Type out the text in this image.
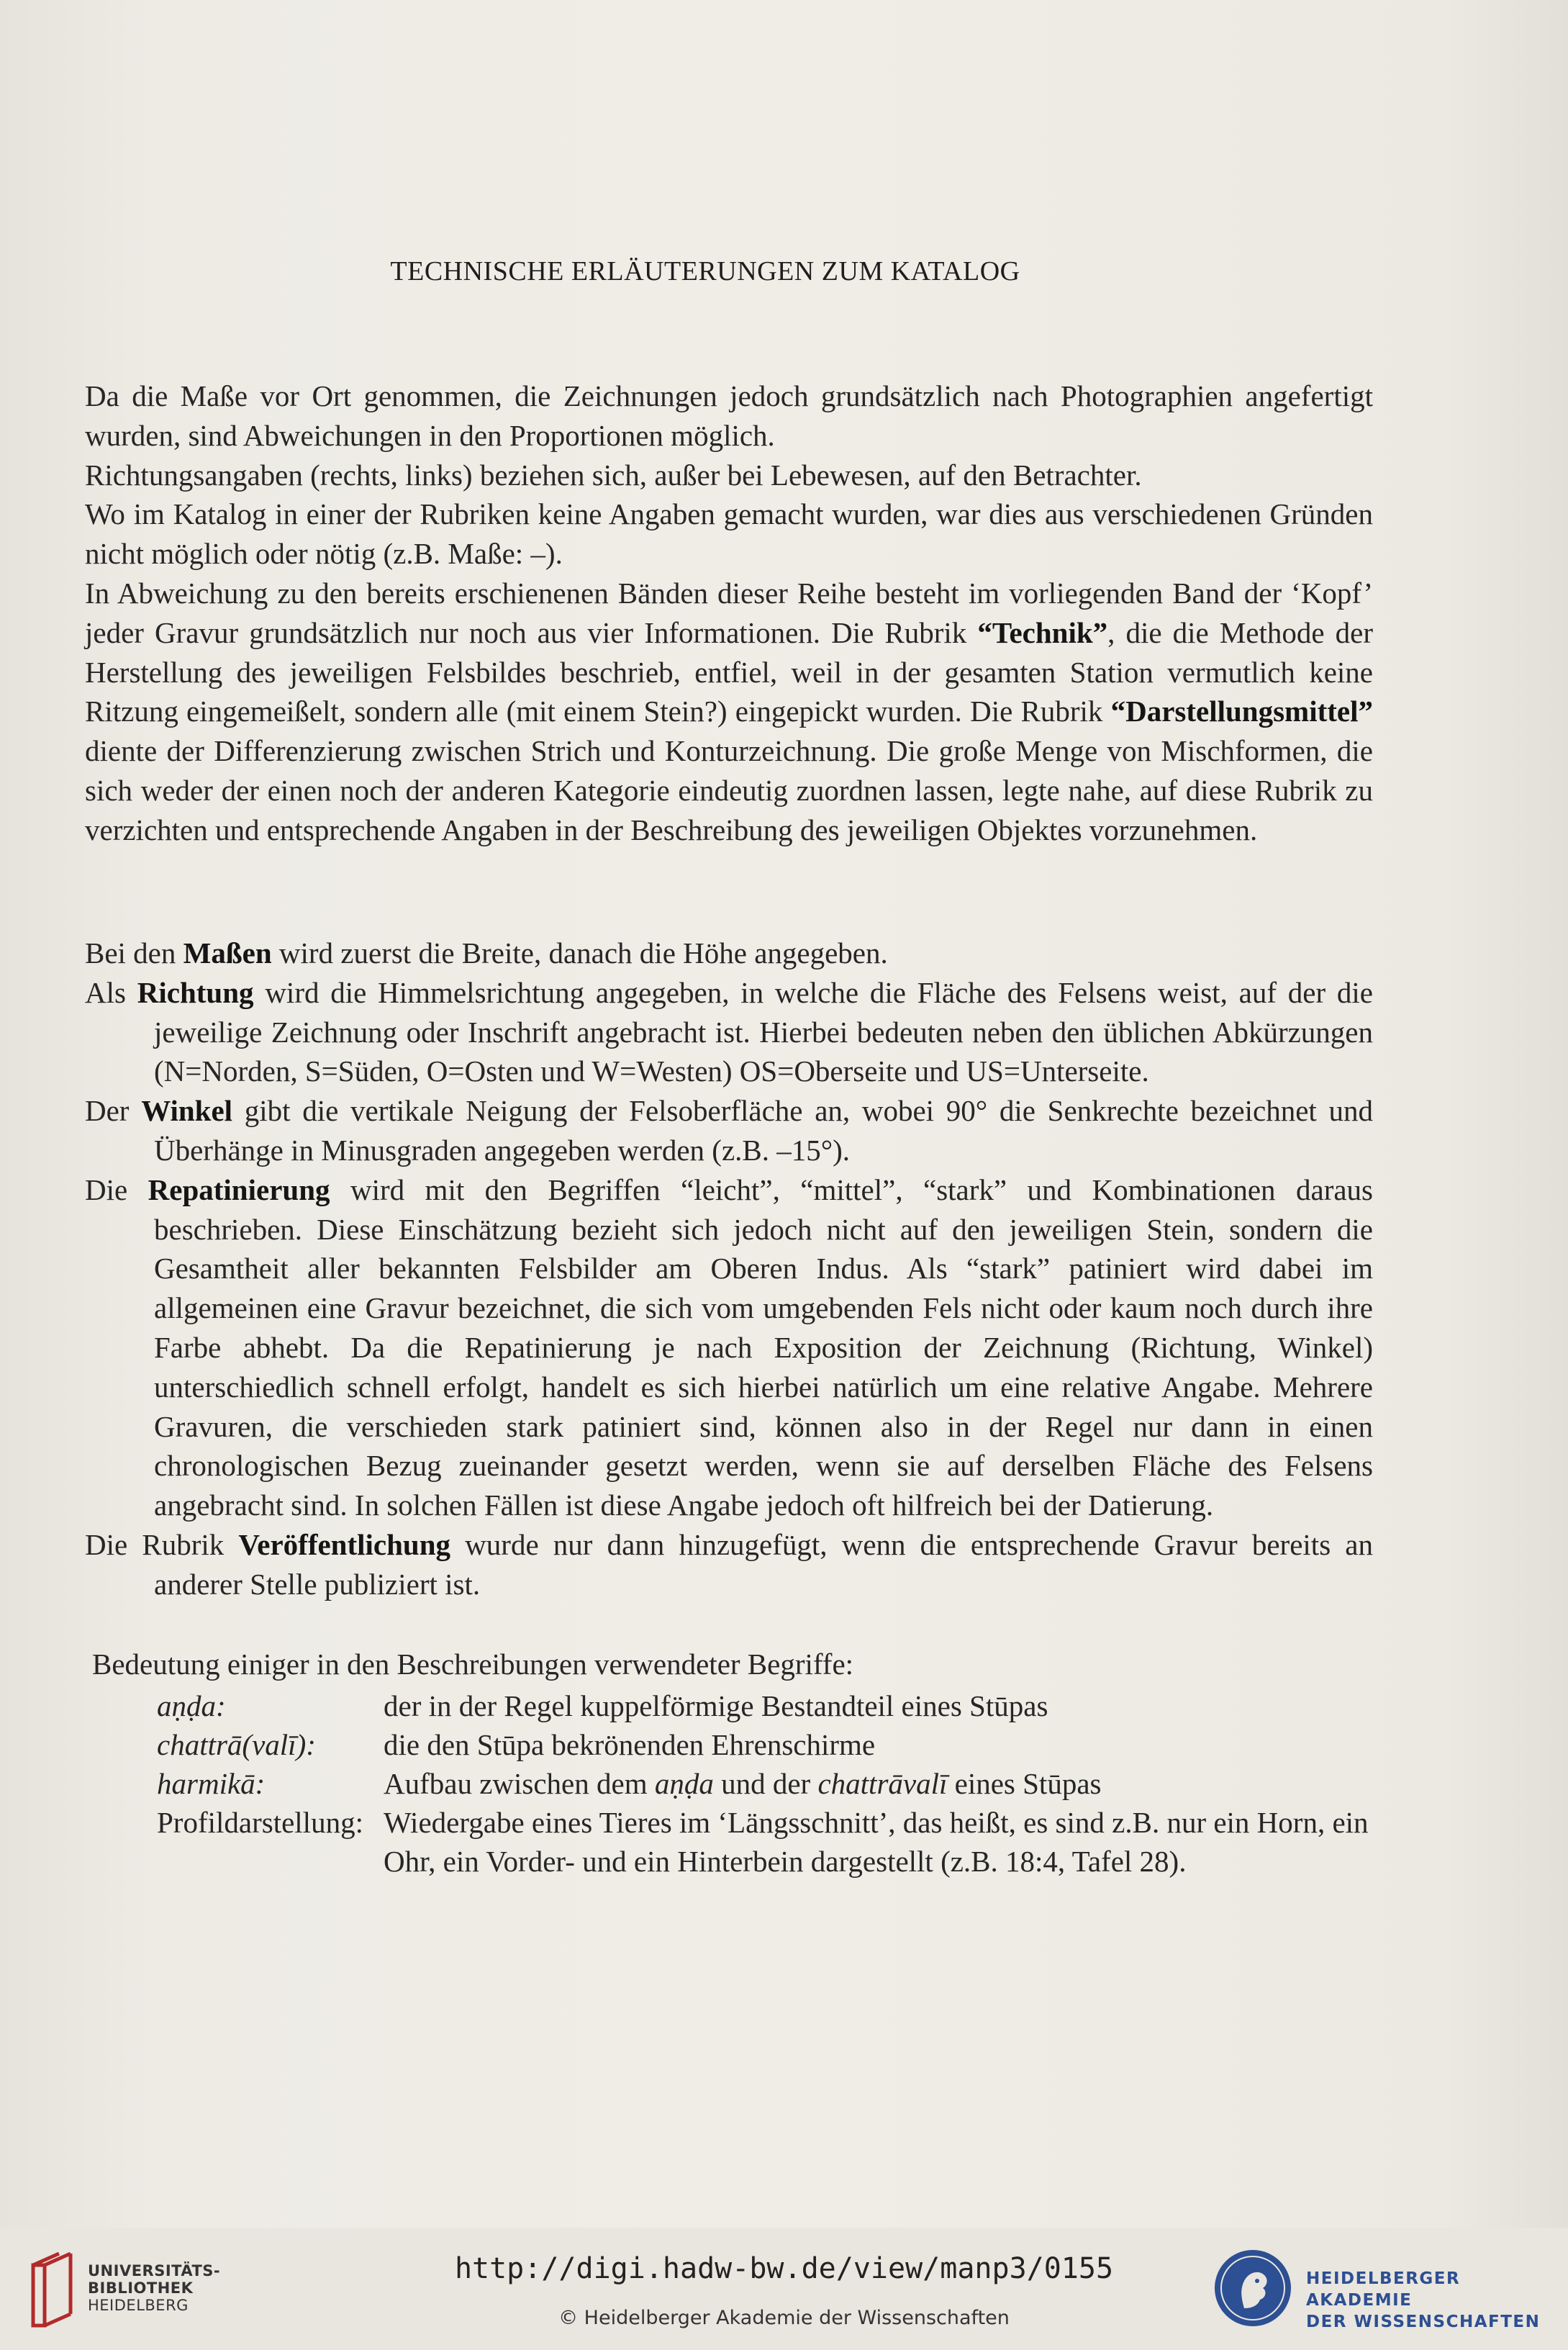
TECHNISCHE ERLÄUTERUNGEN ZUM KATALOG

Da die Maße vor Ort genommen, die Zeichnungen jedoch grundsätzlich nach Photographien angefertigt wurden, sind Abweichungen in den Proportionen möglich.

Richtungsangaben (rechts, links) beziehen sich, außer bei Lebewesen, auf den Betrachter.

Wo im Katalog in einer der Rubriken keine Angaben gemacht wurden, war dies aus verschiedenen Gründen nicht möglich oder nötig (z.B. Maße: –).

In Abweichung zu den bereits erschienenen Bänden dieser Reihe besteht im vorliegenden Band der ‘Kopf’ jeder Gravur grundsätzlich nur noch aus vier Informationen. Die Rubrik “Technik”, die die Methode der Herstellung des jeweiligen Felsbildes beschrieb, entfiel, weil in der gesamten Station vermutlich keine Ritzung eingemeißelt, sondern alle (mit einem Stein?) eingepickt wurden. Die Rubrik “Darstellungsmittel” diente der Differenzierung zwischen Strich und Konturzeichnung. Die große Menge von Mischformen, die sich weder der einen noch der anderen Kategorie eindeutig zuordnen lassen, legte nahe, auf diese Rubrik zu verzichten und entsprechende Angaben in der Beschreibung des jeweiligen Objektes vorzunehmen.

Bei den Maßen wird zuerst die Breite, danach die Höhe angegeben.

Als Richtung wird die Himmelsrichtung angegeben, in welche die Fläche des Felsens weist, auf der die jeweilige Zeichnung oder Inschrift angebracht ist. Hierbei bedeuten neben den üblichen Abkürzungen (N=Norden, S=Süden, O=Osten und W=Westen) OS=Oberseite und US=Unterseite.

Der Winkel gibt die vertikale Neigung der Felsoberfläche an, wobei 90° die Senkrechte bezeichnet und Überhänge in Minusgraden angegeben werden (z.B. –15°).

Die Repatinierung wird mit den Begriffen “leicht”, “mittel”, “stark” und Kombinationen daraus beschrieben. Diese Einschätzung bezieht sich jedoch nicht auf den jeweiligen Stein, sondern die Gesamtheit aller bekannten Felsbilder am Oberen Indus. Als “stark” patiniert wird dabei im allgemeinen eine Gravur bezeichnet, die sich vom umgebenden Fels nicht oder kaum noch durch ihre Farbe abhebt. Da die Repatinierung je nach Exposition der Zeichnung (Richtung, Winkel) unterschiedlich schnell erfolgt, handelt es sich hierbei natürlich um eine relative Angabe. Mehrere Gravuren, die verschieden stark patiniert sind, können also in der Regel nur dann in einen chronologischen Bezug zueinander gesetzt werden, wenn sie auf derselben Fläche des Felsens angebracht sind. In solchen Fällen ist diese Angabe jedoch oft hilfreich bei der Datierung.

Die Rubrik Veröffentlichung wurde nur dann hinzugefügt, wenn die entsprechende Gravur bereits an anderer Stelle publiziert ist.

Bedeutung einiger in den Beschreibungen verwendeter Begriffe:
aṇḍa:	der in der Regel kuppelförmige Bestandteil eines Stūpas
chattrā(valī):	die den Stūpa bekrönenden Ehrenschirme
harmikā:	Aufbau zwischen dem aṇḍa und der chattrāvalī eines Stūpas
Profildarstellung:	Wiedergabe eines Tieres im ‘Längsschnitt’, das heißt, es sind z.B. nur ein Horn, ein Ohr, ein Vorder- und ein Hinterbein dargestellt (z.B. 18:4, Tafel 28).
UNIVERSITÄTS-
BIBLIOTHEK
HEIDELBERG
http://digi.hadw-bw.de/view/manp3/0155
© Heidelberger Akademie der Wissenschaften
HEIDELBERGER AKADEMIE
DER WISSENSCHAFTEN
